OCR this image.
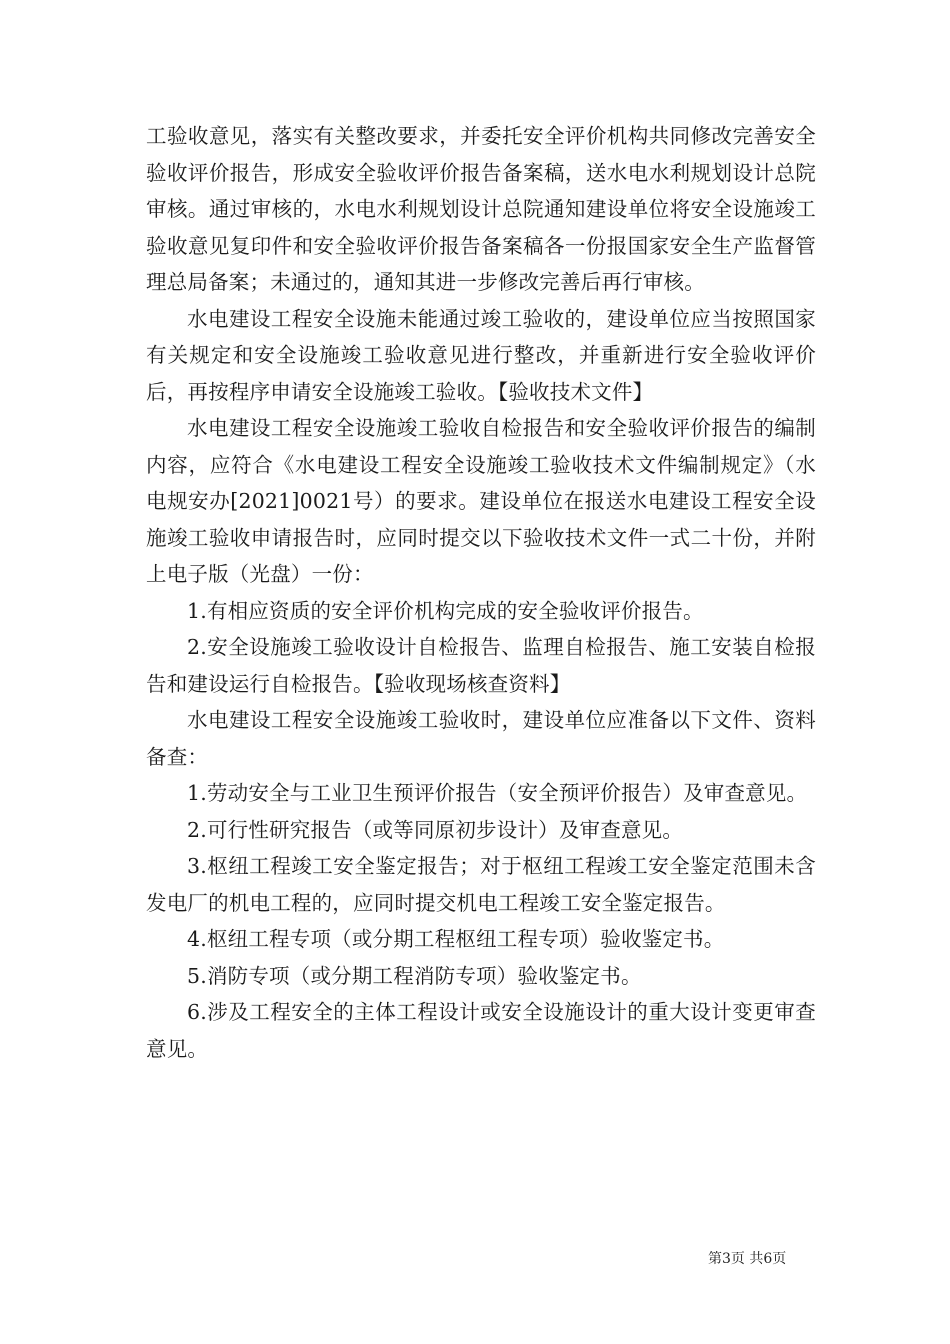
工验收意见，落实有关整改要求，并委托安全评价机构共同修改完善安全验收评价报告，形成安全验收评价报告备案稿，送水电水利规划设计总院审核。通过审核的，水电水利规划设计总院通知建设单位将安全设施竣工验收意见复印件和安全验收评价报告备案稿各一份报国家安全生产监督管理总局备案；未通过的，通知其进一步修改完善后再行审核。

水电建设工程安全设施未能通过竣工验收的，建设单位应当按照国家有关规定和安全设施竣工验收意见进行整改，并重新进行安全验收评价后，再按程序申请安全设施竣工验收。【验收技术文件】

水电建设工程安全设施竣工验收自检报告和安全验收评价报告的编制内容，应符合《水电建设工程安全设施竣工验收技术文件编制规定》（水电规安办[2021]0021号）的要求。建设单位在报送水电建设工程安全设施竣工验收申请报告时，应同时提交以下验收技术文件一式二十份，并附上电子版（光盘）一份：

1.有相应资质的安全评价机构完成的安全验收评价报告。

2.安全设施竣工验收设计自检报告、监理自检报告、施工安装自检报告和建设运行自检报告。【验收现场核查资料】

水电建设工程安全设施竣工验收时，建设单位应准备以下文件、资料备查：

1.劳动安全与工业卫生预评价报告（安全预评价报告）及审查意见。

2.可行性研究报告（或等同原初步设计）及审查意见。

3.枢纽工程竣工安全鉴定报告；对于枢纽工程竣工安全鉴定范围未含发电厂的机电工程的，应同时提交机电工程竣工安全鉴定报告。

4.枢纽工程专项（或分期工程枢纽工程专项）验收鉴定书。

5.消防专项（或分期工程消防专项）验收鉴定书。

6.涉及工程安全的主体工程设计或安全设施设计的重大设计变更审查意见。

第3页 共6页
